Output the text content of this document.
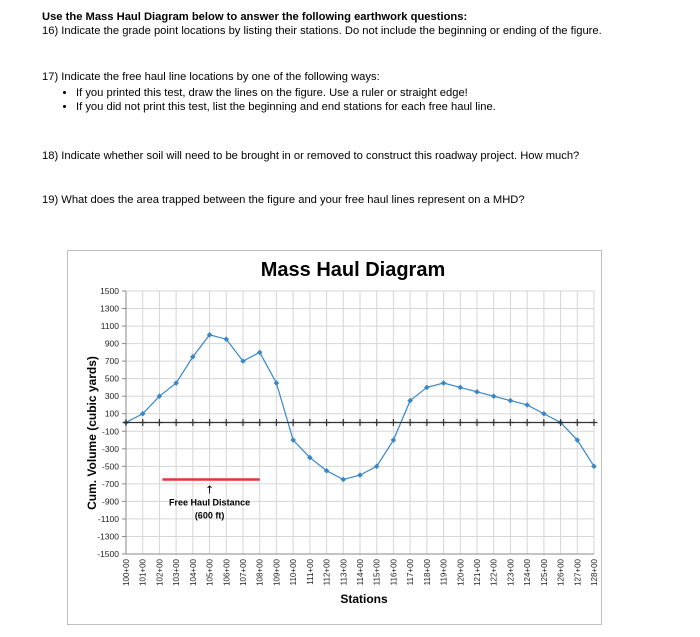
Use the Mass Haul Diagram below to answer the following earthwork questions:
16) Indicate the grade point locations by listing their stations. Do not include the beginning or ending of the figure.
17) Indicate the free haul line locations by one of the following ways:
• If you printed this test, draw the lines on the figure. Use a ruler or straight edge!
• If you did not print this test, list the beginning and end stations for each free haul line.
18) Indicate whether soil will need to be brought in or removed to construct this roadway project. How much?
19) What does the area trapped between the figure and your free haul lines represent on a MHD?
Mass Haul Diagram
Cum. Volume (cubic yards)
Stations
1500
1300
1100
900
700
500
300
100
-100
-300
-500
-700
-900
-1100
-1300
-1500
100+00 101+00 102+00 103+00 104+00 105+00 106+00 107+00 108+00 109+00 110+00 111+00 112+00 113+00 114+00 115+00 116+00 117+00 118+00 119+00 120+00 121+00 122+00 123+00 124+00 125+00 126+00 127+00 128+00
↑
Free Haul Distance
(600 ft)
